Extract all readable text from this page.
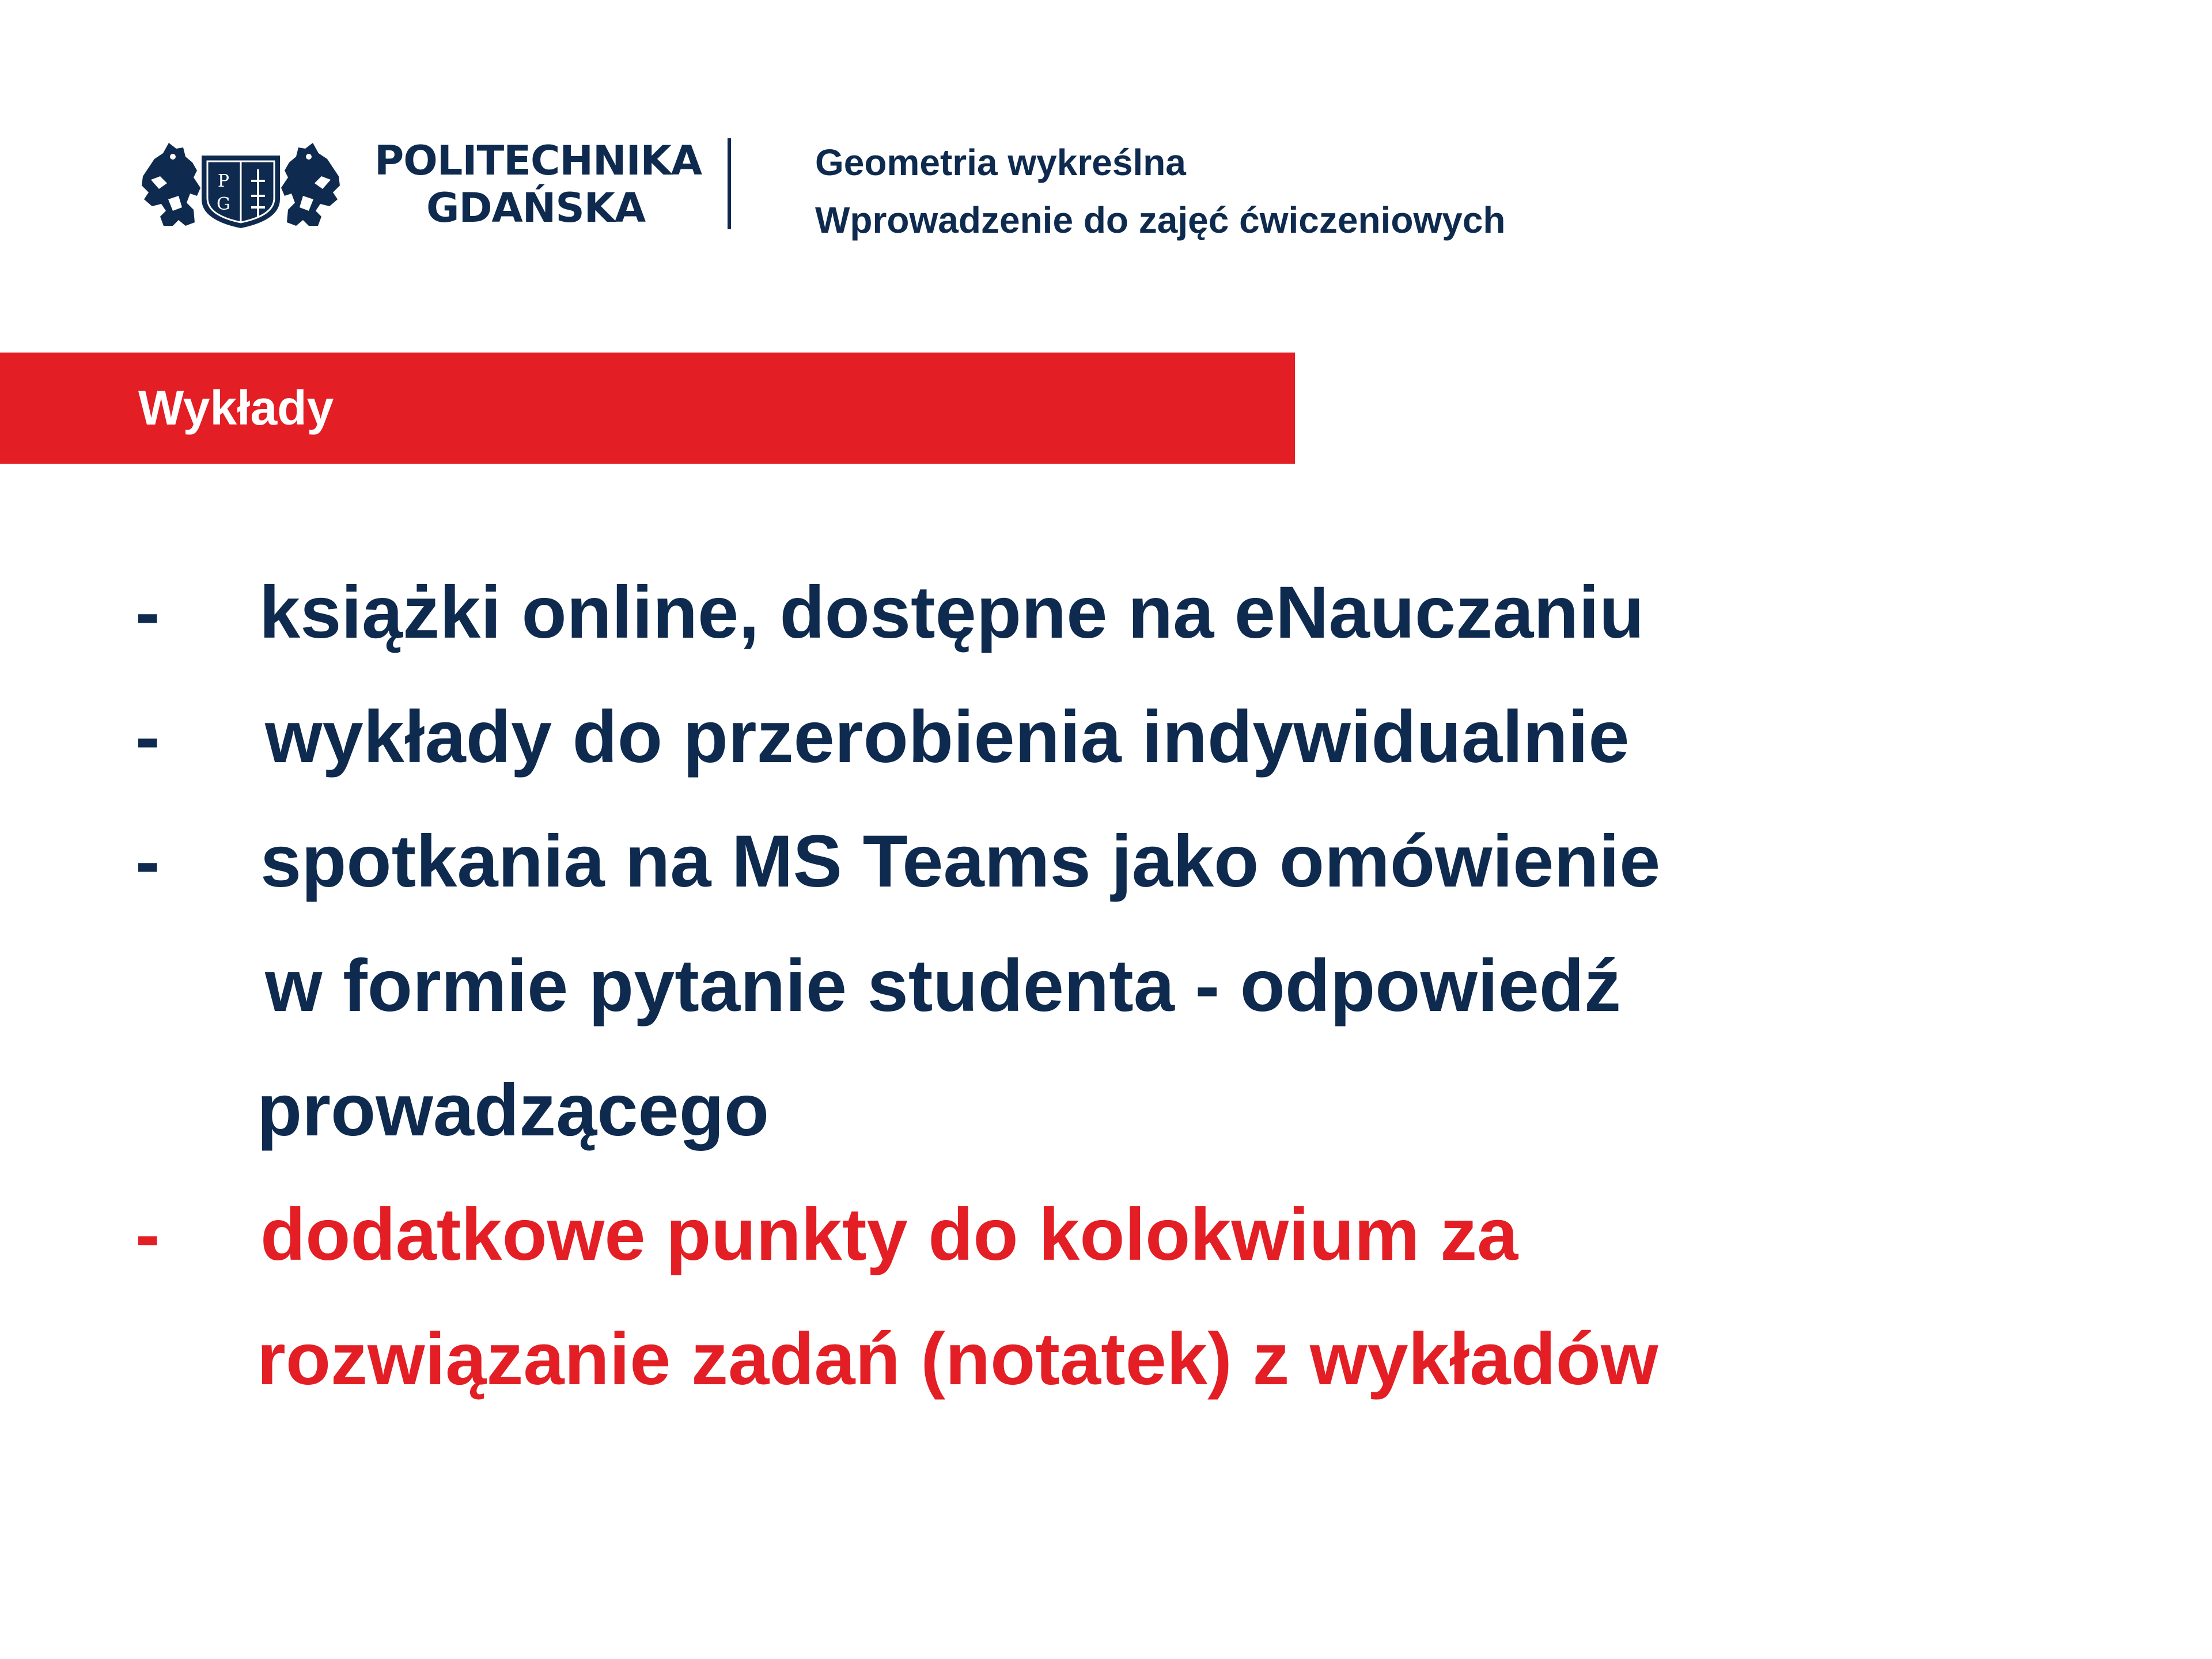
P
G
POLITECHNIKA
GDAŃSKA
Geometria wykreślna
Wprowadzenie do zajęć ćwiczeniowych
Wykłady
- książki online, dostępne na eNauczaniu
- wykłady do przerobienia indywidualnie
- spotkania na MS Teams jako omówienie
w formie pytanie studenta - odpowiedź
prowadzącego
- dodatkowe punkty do kolokwium za
rozwiązanie zadań (notatek) z wykładów
